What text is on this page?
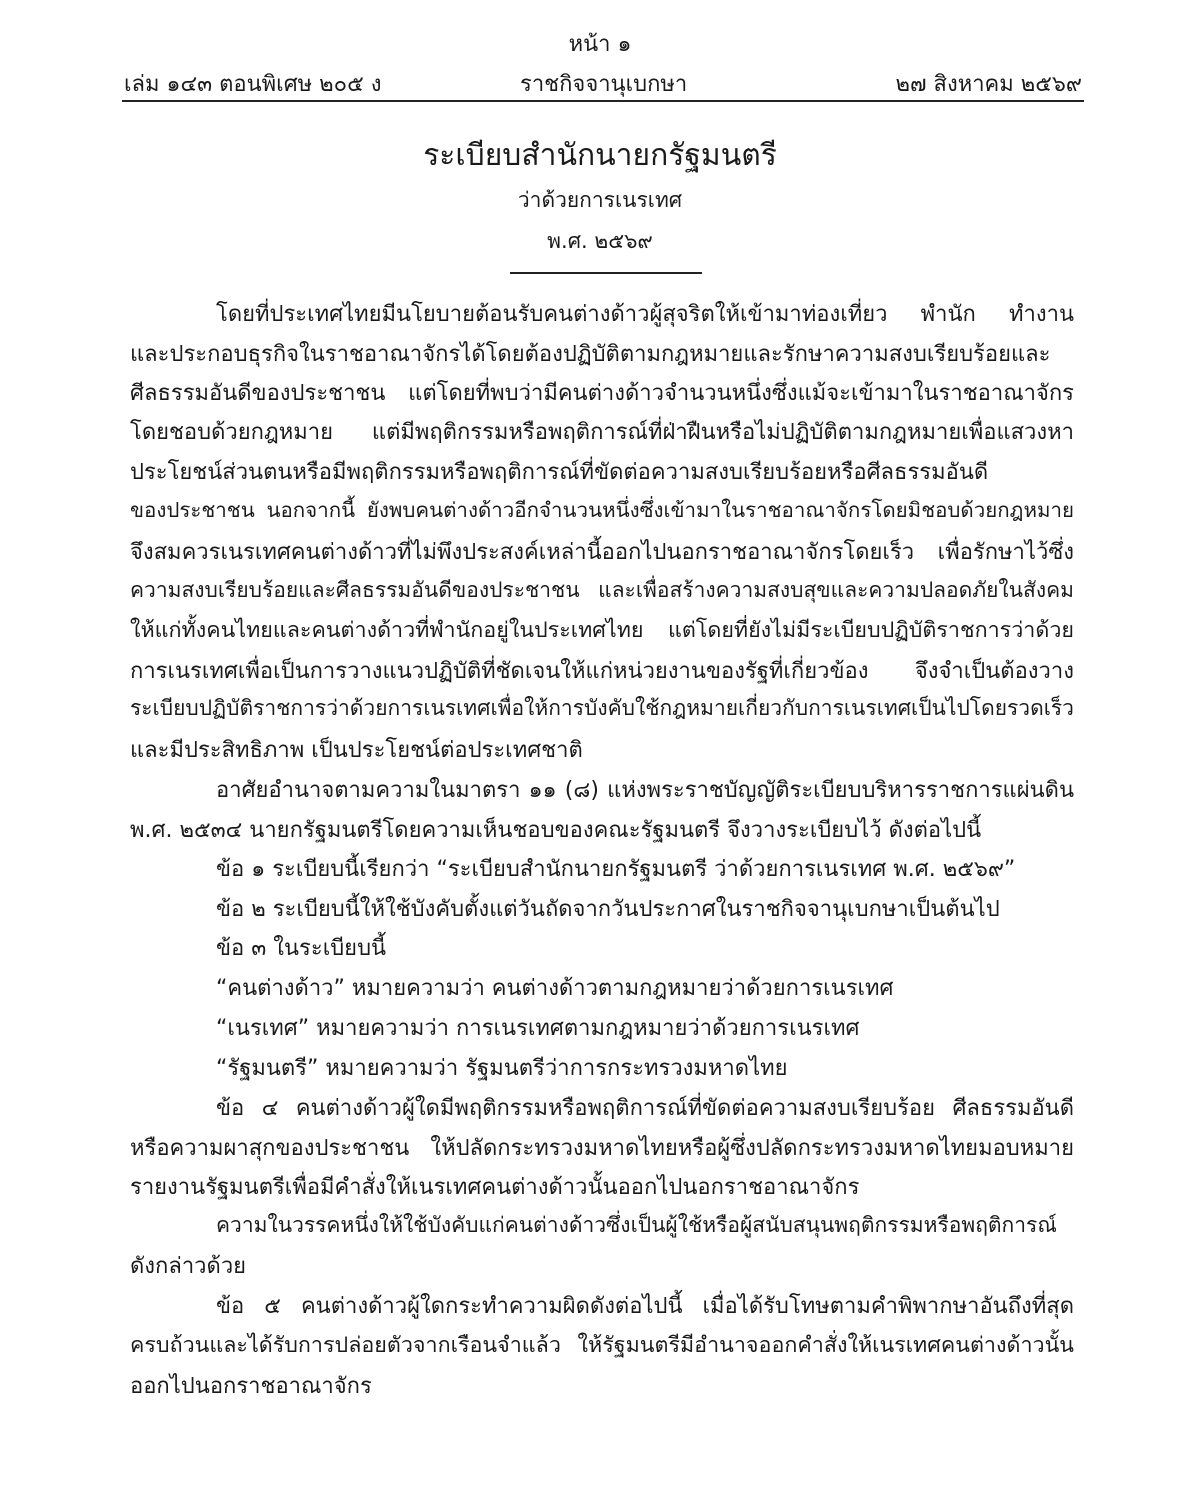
หน้า ๑
เล่ม ๑๔๓ ตอนพิเศษ ๒๐๕ ง	ราชกิจจานุเบกษา	๒๗ สิงหาคม ๒๕๖๙
ระเบียบสำนักนายกรัฐมนตรี
ว่าด้วยการเนรเทศ
พ.ศ. ๒๕๖๙
โดยที่ประเทศไทยมีนโยบายต้อนรับคนต่างด้าวผู้สุจริตให้เข้ามาท่องเที่ยว พำนัก ทำงาน
และประกอบธุรกิจในราชอาณาจักรได้โดยต้องปฏิบัติตามกฎหมายและรักษาความสงบเรียบร้อยและ
ศีลธรรมอันดีของประชาชน แต่โดยที่พบว่ามีคนต่างด้าวจำนวนหนึ่งซึ่งแม้จะเข้ามาในราชอาณาจักร
โดยชอบด้วยกฎหมาย แต่มีพฤติกรรมหรือพฤติการณ์ที่ฝ่าฝืนหรือไม่ปฏิบัติตามกฎหมายเพื่อแสวงหา
ประโยชน์ส่วนตนหรือมีพฤติกรรมหรือพฤติการณ์ที่ขัดต่อความสงบเรียบร้อยหรือศีลธรรมอันดี
ของประชาชน นอกจากนี้ ยังพบคนต่างด้าวอีกจำนวนหนึ่งซึ่งเข้ามาในราชอาณาจักรโดยมิชอบด้วยกฎหมาย
จึงสมควรเนรเทศคนต่างด้าวที่ไม่พึงประสงค์เหล่านี้ออกไปนอกราชอาณาจักรโดยเร็ว เพื่อรักษาไว้ซึ่ง
ความสงบเรียบร้อยและศีลธรรมอันดีของประชาชน และเพื่อสร้างความสงบสุขและความปลอดภัยในสังคม
ให้แก่ทั้งคนไทยและคนต่างด้าวที่พำนักอยู่ในประเทศไทย แต่โดยที่ยังไม่มีระเบียบปฏิบัติราชการว่าด้วย
การเนรเทศเพื่อเป็นการวางแนวปฏิบัติที่ชัดเจนให้แก่หน่วยงานของรัฐที่เกี่ยวข้อง จึงจำเป็นต้องวาง
ระเบียบปฏิบัติราชการว่าด้วยการเนรเทศเพื่อให้การบังคับใช้กฎหมายเกี่ยวกับการเนรเทศเป็นไปโดยรวดเร็ว
และมีประสิทธิภาพ เป็นประโยชน์ต่อประเทศชาติ
อาศัยอำนาจตามความในมาตรา ๑๑ (๘) แห่งพระราชบัญญัติระเบียบบริหารราชการแผ่นดิน
พ.ศ. ๒๕๓๔ นายกรัฐมนตรีโดยความเห็นชอบของคณะรัฐมนตรี จึงวางระเบียบไว้ ดังต่อไปนี้
ข้อ ๑ ระเบียบนี้เรียกว่า “ระเบียบสำนักนายกรัฐมนตรี ว่าด้วยการเนรเทศ พ.ศ. ๒๕๖๙”
ข้อ ๒ ระเบียบนี้ให้ใช้บังคับตั้งแต่วันถัดจากวันประกาศในราชกิจจานุเบกษาเป็นต้นไป
ข้อ ๓ ในระเบียบนี้
“คนต่างด้าว” หมายความว่า คนต่างด้าวตามกฎหมายว่าด้วยการเนรเทศ
“เนรเทศ” หมายความว่า การเนรเทศตามกฎหมายว่าด้วยการเนรเทศ
“รัฐมนตรี” หมายความว่า รัฐมนตรีว่าการกระทรวงมหาดไทย
ข้อ ๔ คนต่างด้าวผู้ใดมีพฤติกรรมหรือพฤติการณ์ที่ขัดต่อความสงบเรียบร้อย ศีลธรรมอันดี
หรือความผาสุกของประชาชน ให้ปลัดกระทรวงมหาดไทยหรือผู้ซึ่งปลัดกระทรวงมหาดไทยมอบหมาย
รายงานรัฐมนตรีเพื่อมีคำสั่งให้เนรเทศคนต่างด้าวนั้นออกไปนอกราชอาณาจักร
ความในวรรคหนึ่งให้ใช้บังคับแก่คนต่างด้าวซึ่งเป็นผู้ใช้หรือผู้สนับสนุนพฤติกรรมหรือพฤติการณ์
ดังกล่าวด้วย
ข้อ ๕ คนต่างด้าวผู้ใดกระทำความผิดดังต่อไปนี้ เมื่อได้รับโทษตามคำพิพากษาอันถึงที่สุด
ครบถ้วนและได้รับการปล่อยตัวจากเรือนจำแล้ว ให้รัฐมนตรีมีอำนาจออกคำสั่งให้เนรเทศคนต่างด้าวนั้น
ออกไปนอกราชอาณาจักร
